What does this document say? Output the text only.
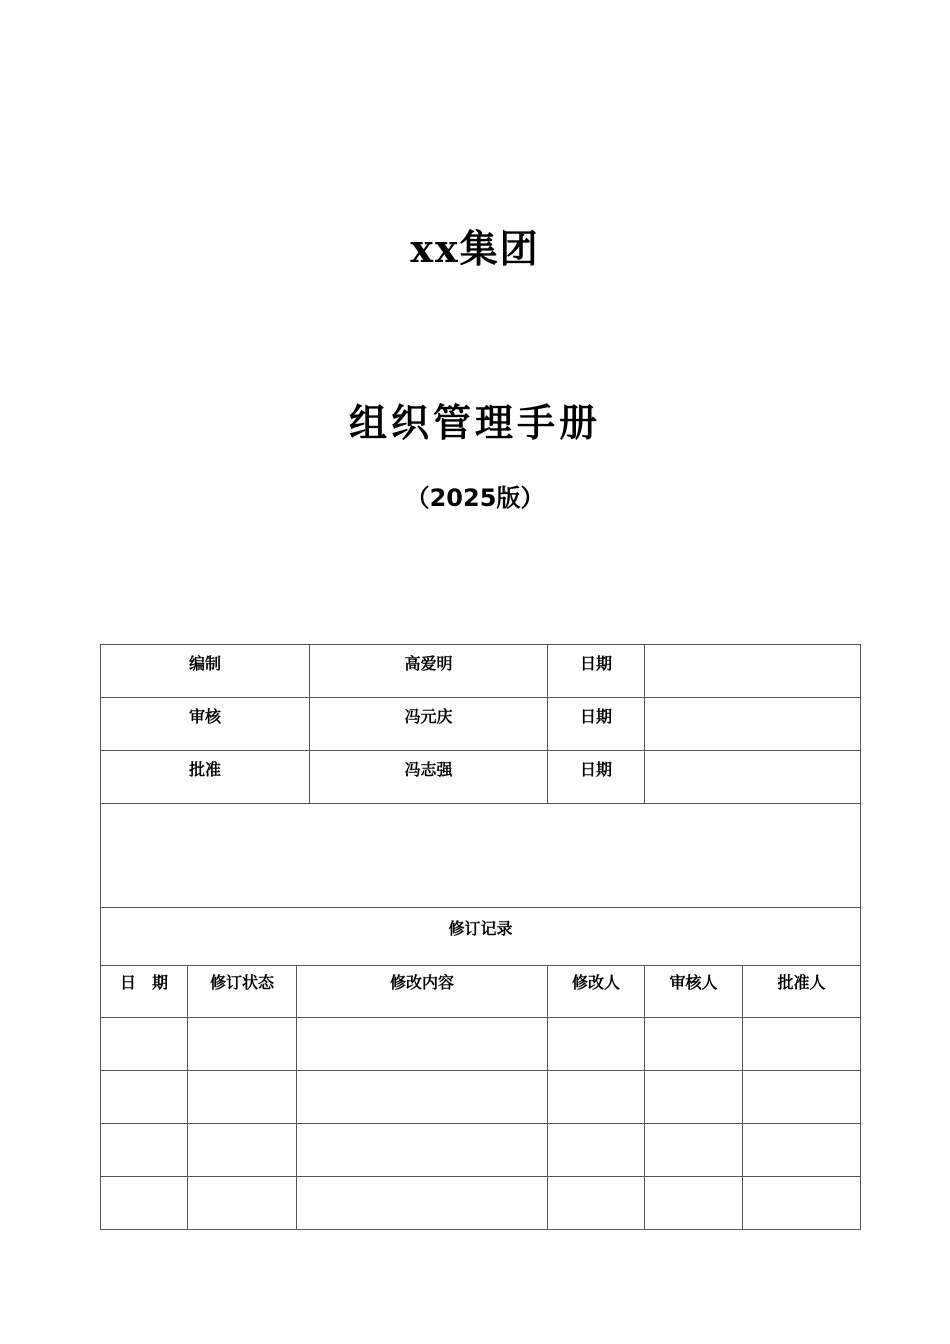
xx集团
组织管理手册
（2025版）
编制			高爱明	日期		
审核			冯元庆	日期		
批准			冯志强	日期		

修订记录						
日　期	修订状态	修改内容		修改人	审核人	批准人
